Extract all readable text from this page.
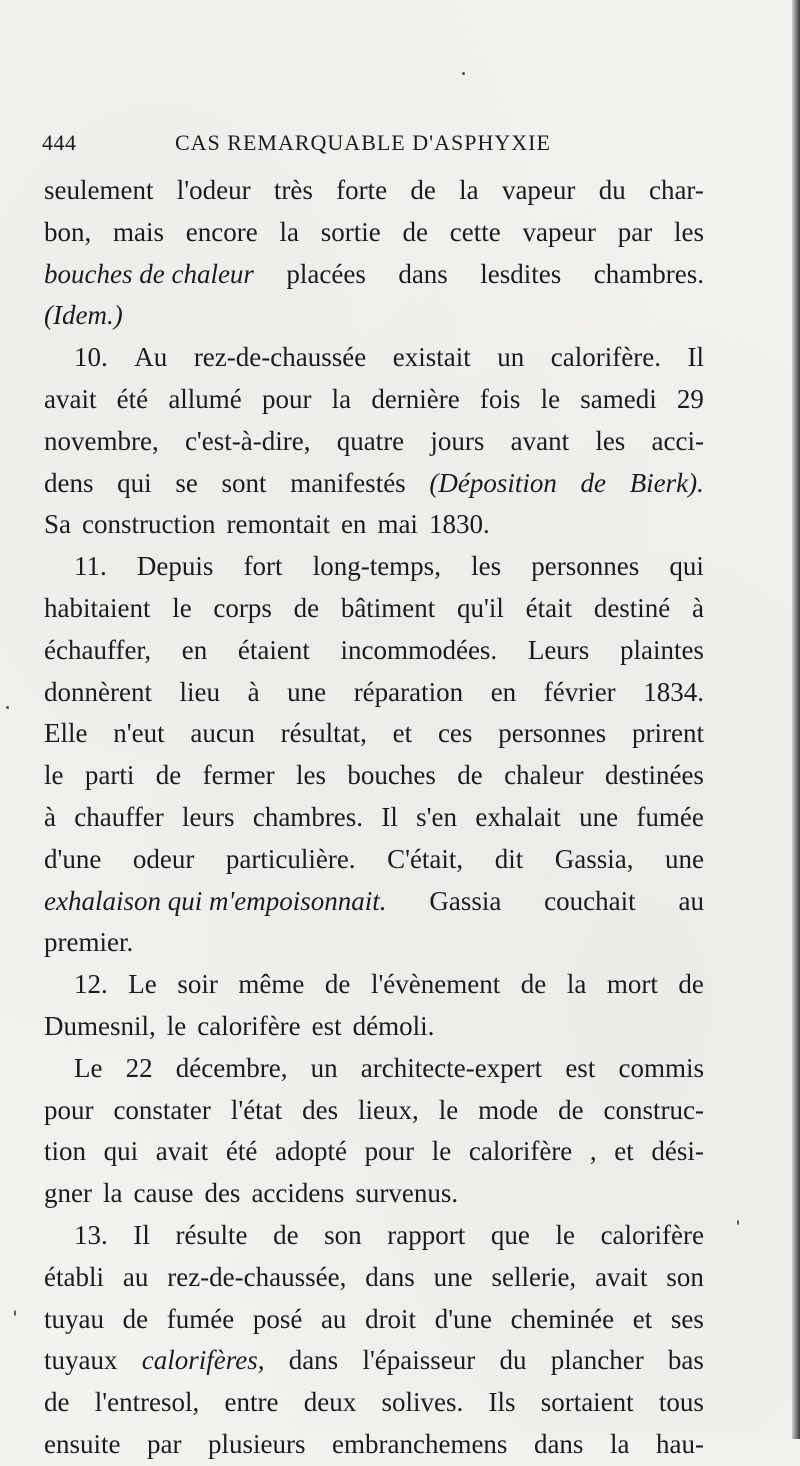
444	CAS REMARQUABLE D'ASPHYXIE
seulement l'odeur très forte de la vapeur du char-
bon, mais encore la sortie de cette vapeur par les
bouches de chaleur placées dans lesdites chambres.
(Idem.)
10. Au rez-de-chaussée existait un calorifère. Il
avait été allumé pour la dernière fois le samedi 29
novembre, c'est-à-dire, quatre jours avant les acci-
dens qui se sont manifestés (Déposition de Bierk).
Sa construction remontait en mai 1830.
11. Depuis fort long-temps, les personnes qui
habitaient le corps de bâtiment qu'il était destiné à
échauffer, en étaient incommodées. Leurs plaintes
donnèrent lieu à une réparation en février 1834.
Elle n'eut aucun résultat, et ces personnes prirent
le parti de fermer les bouches de chaleur destinées
à chauffer leurs chambres. Il s'en exhalait une fumée
d'une odeur particulière. C'était, dit Gassia, une
exhalaison qui m'empoisonnait. Gassia couchait au
premier.
12. Le soir même de l'évènement de la mort de
Dumesnil, le calorifère est démoli.
Le 22 décembre, un architecte-expert est commis
pour constater l'état des lieux, le mode de construc-
tion qui avait été adopté pour le calorifère , et dési-
gner la cause des accidens survenus.
13. Il résulte de son rapport que le calorifère
établi au rez-de-chaussée, dans une sellerie, avait son
tuyau de fumée posé au droit d'une cheminée et ses
tuyaux calorifères, dans l'épaisseur du plancher bas
de l'entresol, entre deux solives. Ils sortaient tous
ensuite par plusieurs embranchemens dans la hau-
